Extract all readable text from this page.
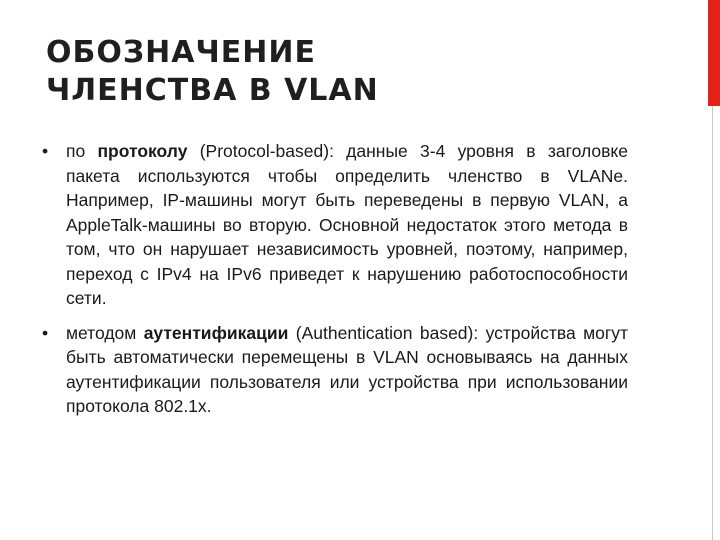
ОБОЗНАЧЕНИЕ
ЧЛЕНСТВА В VLAN
• по протоколу (Protocol-based): данные 3-4 уровня в заголовке пакета используются чтобы определить членство в VLANe. Например, IP-машины могут быть переведены в первую VLAN, а AppleTalk-машины во вторую. Основной недостаток этого метода в том, что он нарушает независимость уровней, поэтому, например, переход с IPv4 на IPv6 приведет к нарушению работоспособности сети.
• методом аутентификации (Authentication based): устройства могут быть автоматически перемещены в VLAN основываясь на данных аутентификации пользователя или устройства при использовании протокола 802.1x.
